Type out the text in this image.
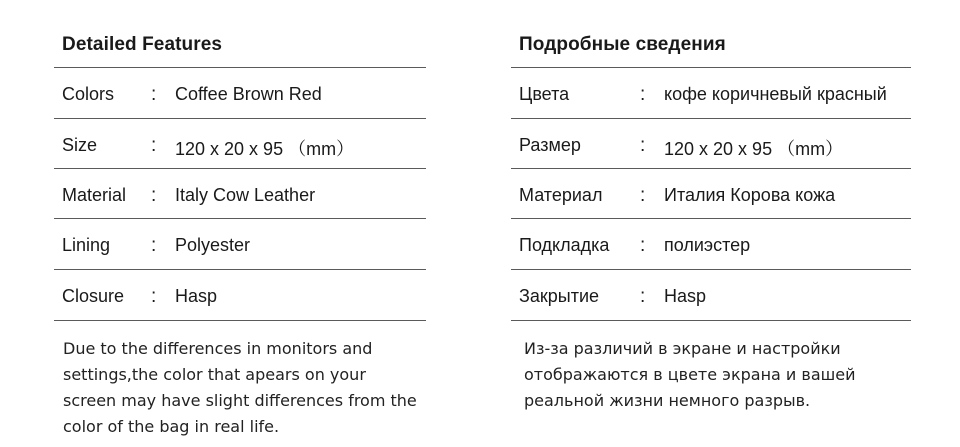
Detailed Features
Colors : Coffee Brown Red
Size	: 120 x 20 x 95 （mm）
Material : Italy Cow Leather
Lining : Polyester
Closure : Hasp
Due to the differences in monitors and
settings,the color that apears on your
screen may have slight differences from the
color of the bag in real life.
Подробные сведения
Цвета	: кофе коричневый красный
Размер	: 120 x 20 x 95 （mm）
Материал : Италия Корова кожа
Подкладка : полиэстер
Закрытие : Hasp
Из-за различий в экране и настройки
отображаются в цвете экрана и вашей
реальной жизни немного разрыв.
